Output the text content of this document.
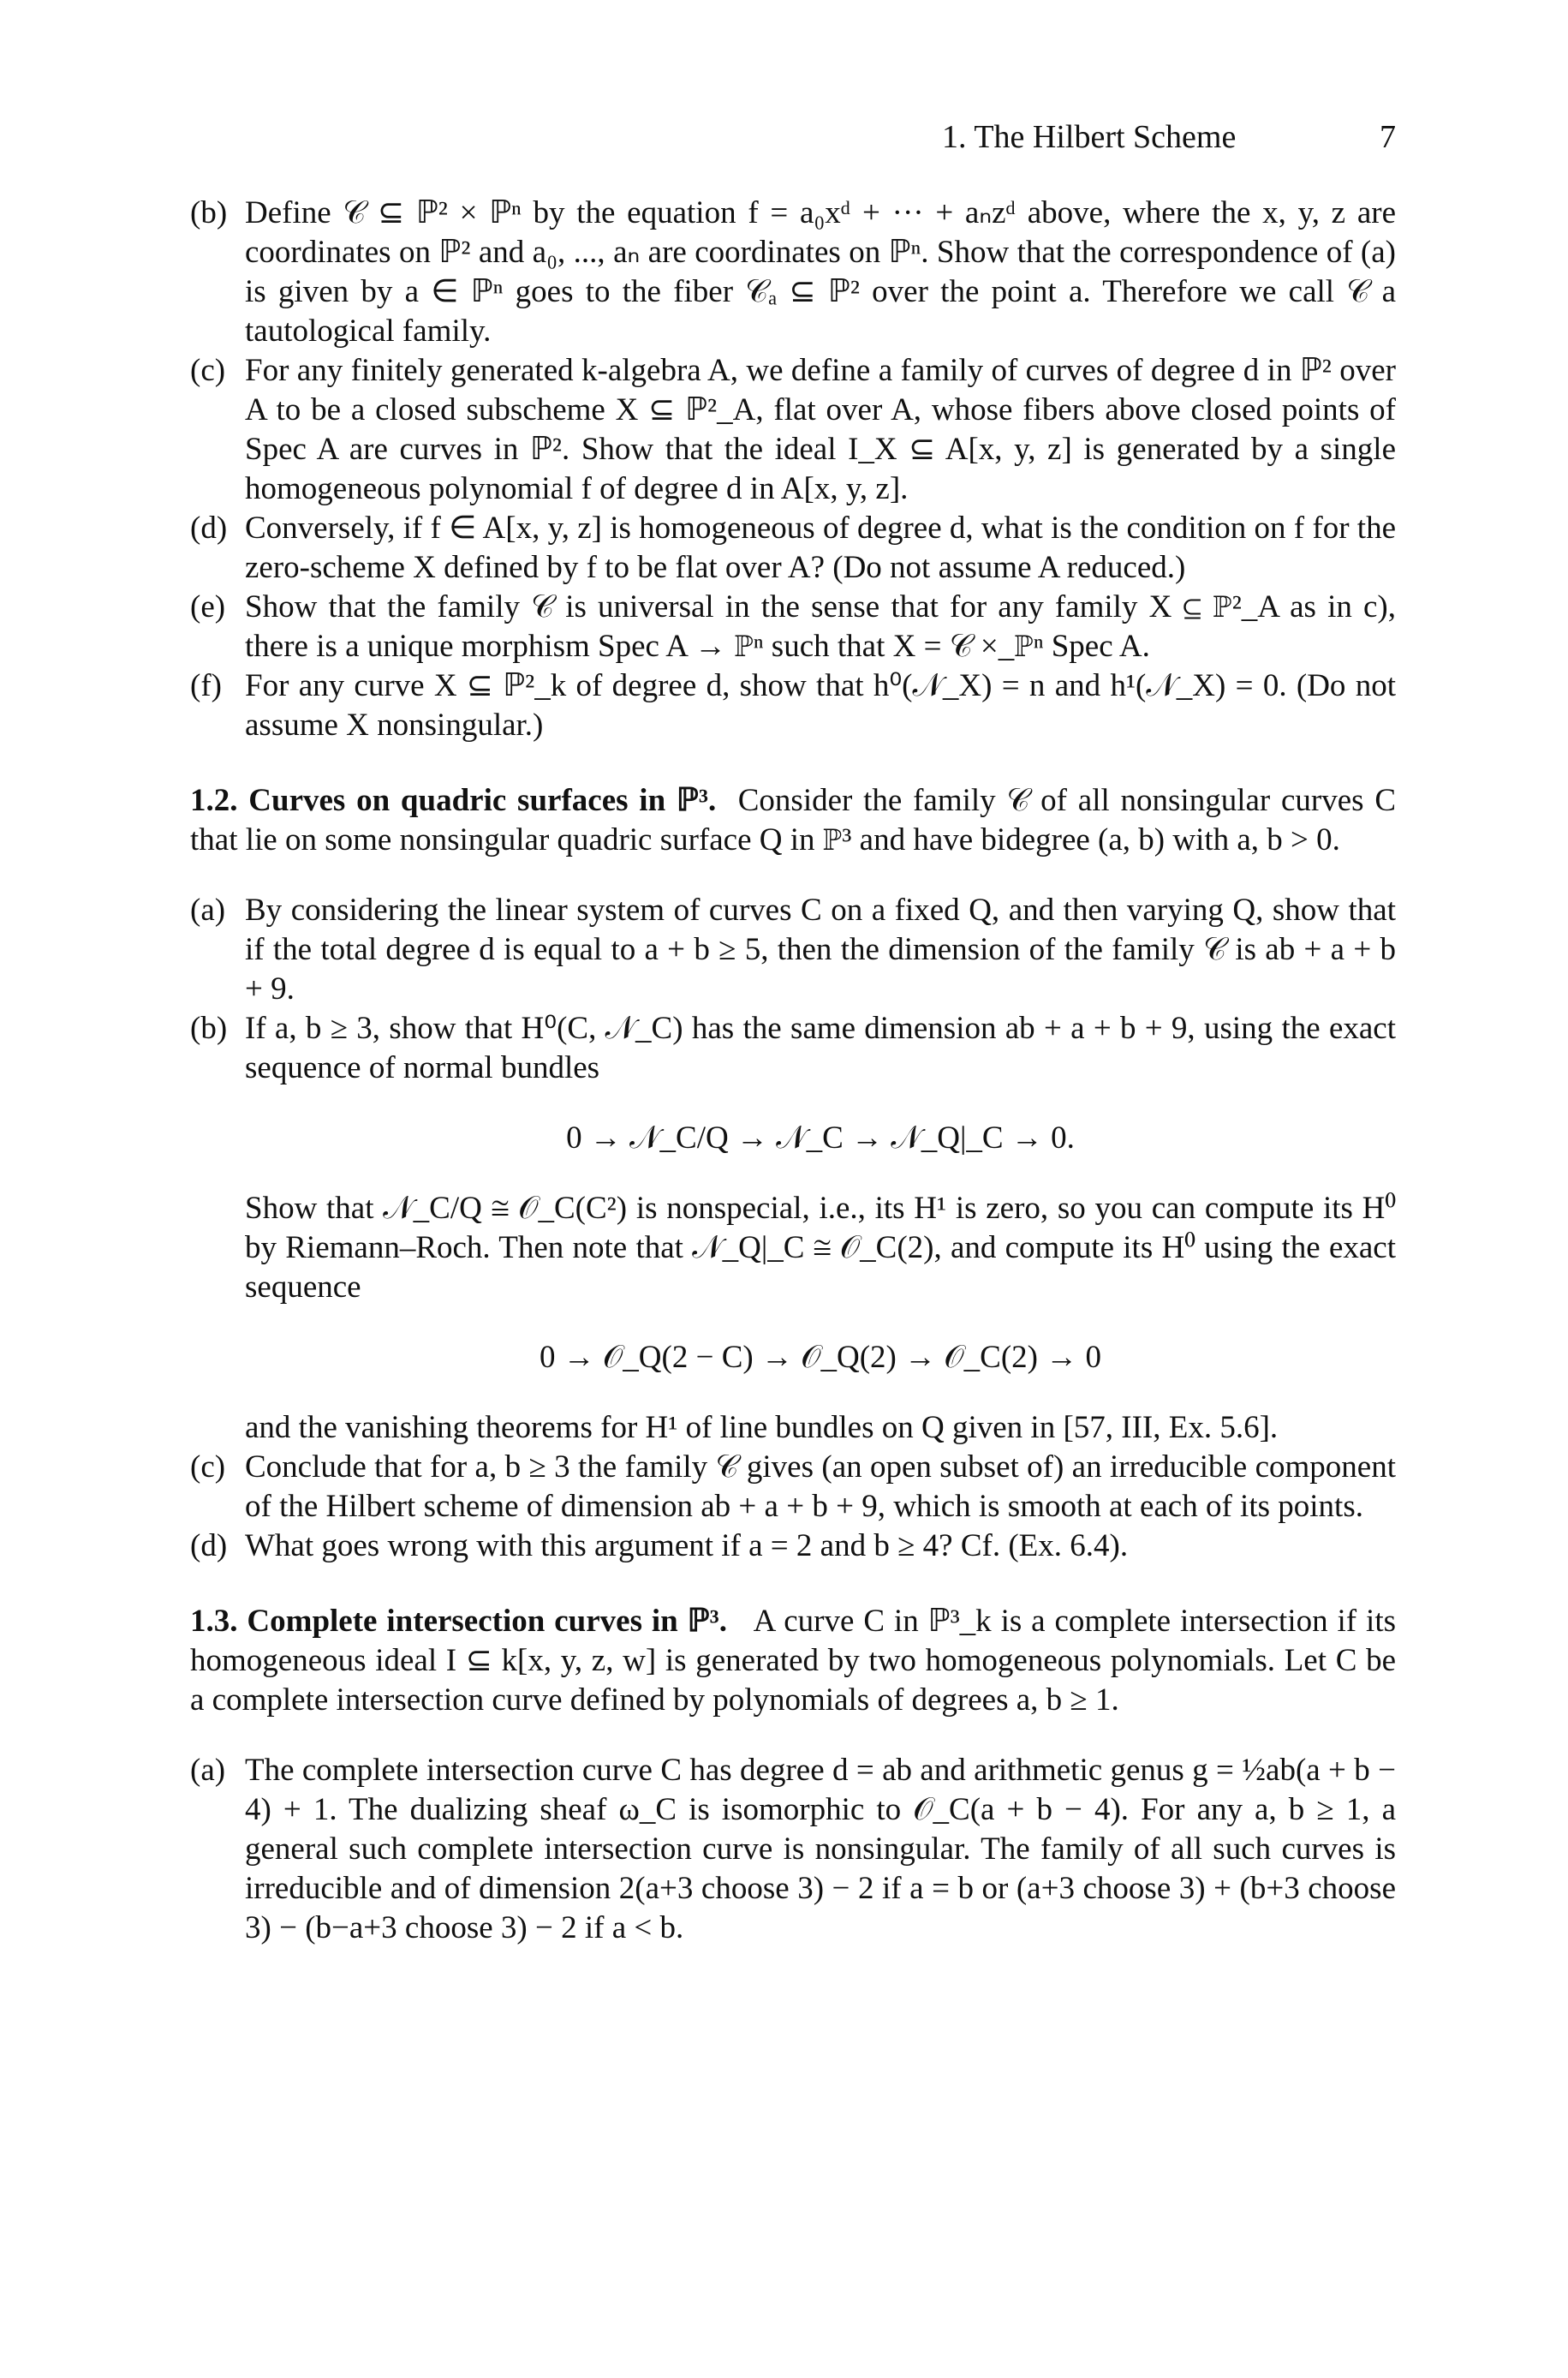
1. The Hilbert Scheme	7
(b) Define 𝒞 ⊆ ℙ² × ℙⁿ by the equation f = a₀xᵈ + ··· + aₙzᵈ above, where the x, y, z are coordinates on ℙ² and a₀, ..., aₙ are coordinates on ℙⁿ. Show that the correspondence of (a) is given by a ∈ ℙⁿ goes to the fiber 𝒞ₐ ⊆ ℙ² over the point a. Therefore we call 𝒞 a tautological family.
(c) For any finitely generated k-algebra A, we define a family of curves of degree d in ℙ² over A to be a closed subscheme X ⊆ ℙ²_A, flat over A, whose fibers above closed points of Spec A are curves in ℙ². Show that the ideal I_X ⊆ A[x, y, z] is generated by a single homogeneous polynomial f of degree d in A[x, y, z].
(d) Conversely, if f ∈ A[x, y, z] is homogeneous of degree d, what is the condition on f for the zero-scheme X defined by f to be flat over A? (Do not assume A reduced.)
(e) Show that the family 𝒞 is universal in the sense that for any family X ⊆ ℙ²_A as in c), there is a unique morphism Spec A → ℙⁿ such that X = 𝒞 ×_ℙⁿ Spec A.
(f) For any curve X ⊆ ℙ²_k of degree d, show that h⁰(𝒩_X) = n and h¹(𝒩_X) = 0. (Do not assume X nonsingular.)

1.2. Curves on quadric surfaces in ℙ³. Consider the family 𝒞 of all nonsingular curves C that lie on some nonsingular quadric surface Q in ℙ³ and have bidegree (a, b) with a, b > 0.

(a) By considering the linear system of curves C on a fixed Q, and then varying Q, show that if the total degree d is equal to a + b ≥ 5, then the dimension of the family 𝒞 is ab + a + b + 9.
(b) If a, b ≥ 3, show that H⁰(C, 𝒩_C) has the same dimension ab + a + b + 9, using the exact sequence of normal bundles
0 → 𝒩_C/Q → 𝒩_C → 𝒩_Q|_C → 0.

Show that 𝒩_C/Q ≅ 𝒪_C(C²) is nonspecial, i.e., its H¹ is zero, so you can compute its H⁰ by Riemann–Roch. Then note that 𝒩_Q|_C ≅ 𝒪_C(2), and compute its H⁰ using the exact sequence

0 → 𝒪_Q(2 − C) → 𝒪_Q(2) → 𝒪_C(2) → 0

and the vanishing theorems for H¹ of line bundles on Q given in [57, III, Ex. 5.6].

(c) Conclude that for a, b ≥ 3 the family 𝒞 gives (an open subset of) an irreducible component of the Hilbert scheme of dimension ab + a + b + 9, which is smooth at each of its points.
(d) What goes wrong with this argument if a = 2 and b ≥ 4? Cf. (Ex. 6.4).

1.3. Complete intersection curves in ℙ³. A curve C in ℙ³_k is a complete intersection if its homogeneous ideal I ⊆ k[x, y, z, w] is generated by two homogeneous polynomials. Let C be a complete intersection curve defined by polynomials of degrees a, b ≥ 1.

(a) The complete intersection curve C has degree d = ab and arithmetic genus g = ½ab(a + b − 4) + 1. The dualizing sheaf ω_C is isomorphic to 𝒪_C(a + b − 4). For any a, b ≥ 1, a general such complete intersection curve is nonsingular. The family of all such curves is irreducible and of dimension 2(a+3 choose 3) − 2 if a = b or (a+3 choose 3) + (b+3 choose 3) − (b−a+3 choose 3) − 2 if a < b.
